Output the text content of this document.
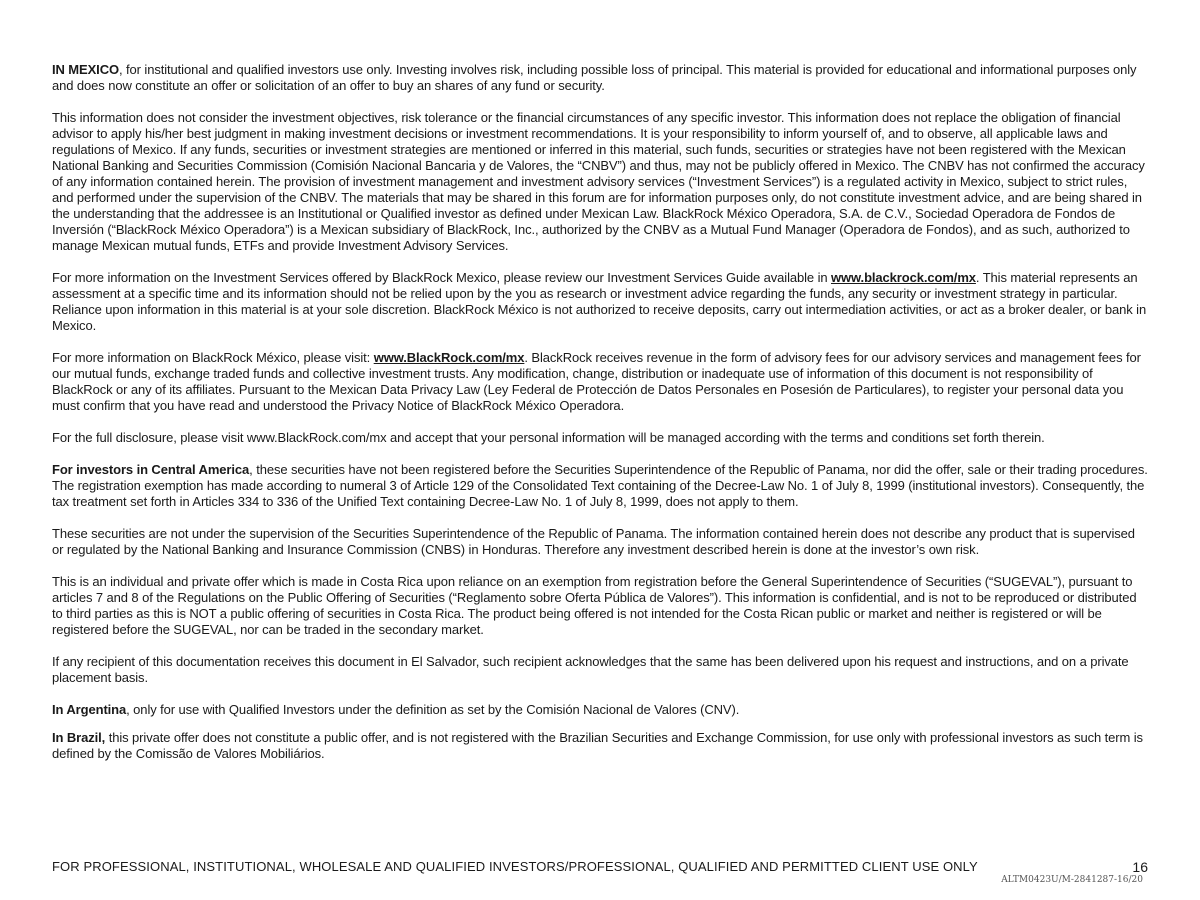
IN MEXICO, for institutional and qualified investors use only. Investing involves risk, including possible loss of principal. This material is provided for educational and informational purposes only and does now constitute an offer or solicitation of an offer to buy an shares of any fund or security.

This information does not consider the investment objectives, risk tolerance or the financial circumstances of any specific investor. This information does not replace the obligation of financial advisor to apply his/her best judgment in making investment decisions or investment recommendations. It is your responsibility to inform yourself of, and to observe, all applicable laws and regulations of Mexico. If any funds, securities or investment strategies are mentioned or inferred in this material, such funds, securities or strategies have not been registered with the Mexican National Banking and Securities Commission (Comisión Nacional Bancaria y de Valores, the “CNBV”) and thus, may not be publicly offered in Mexico. The CNBV has not confirmed the accuracy of any information contained herein. The provision of investment management and investment advisory services (“Investment Services”) is a regulated activity in Mexico, subject to strict rules, and performed under the supervision of the CNBV. The materials that may be shared in this forum are for information purposes only, do not constitute investment advice, and are being shared in the understanding that the addressee is an Institutional or Qualified investor as defined under Mexican Law. BlackRock México Operadora, S.A. de C.V., Sociedad Operadora de Fondos de Inversión (“BlackRock México Operadora”) is a Mexican subsidiary of BlackRock, Inc., authorized by the CNBV as a Mutual Fund Manager (Operadora de Fondos), and as such, authorized to manage Mexican mutual funds, ETFs and provide Investment Advisory Services.

For more information on the Investment Services offered by BlackRock Mexico, please review our Investment Services Guide available in www.blackrock.com/mx. This material represents an assessment at a specific time and its information should not be relied upon by the you as research or investment advice regarding the funds, any security or investment strategy in particular. Reliance upon information in this material is at your sole discretion. BlackRock México is not authorized to receive deposits, carry out intermediation activities, or act as a broker dealer, or bank in Mexico.

For more information on BlackRock México, please visit: www.BlackRock.com/mx. BlackRock receives revenue in the form of advisory fees for our advisory services and management fees for our mutual funds, exchange traded funds and collective investment trusts. Any modification, change, distribution or inadequate use of information of this document is not responsibility of BlackRock or any of its affiliates. Pursuant to the Mexican Data Privacy Law (Ley Federal de Protección de Datos Personales en Posesión de Particulares), to register your personal data you must confirm that you have read and understood the Privacy Notice of BlackRock México Operadora.

For the full disclosure, please visit www.BlackRock.com/mx and accept that your personal information will be managed according with the terms and conditions set forth therein.

For investors in Central America, these securities have not been registered before the Securities Superintendence of the Republic of Panama, nor did the offer, sale or their trading procedures. The registration exemption has made according to numeral 3 of Article 129 of the Consolidated Text containing of the Decree-Law No. 1 of July 8, 1999 (institutional investors). Consequently, the tax treatment set forth in Articles 334 to 336 of the Unified Text containing Decree-Law No. 1 of July 8, 1999, does not apply to them.

These securities are not under the supervision of the Securities Superintendence of the Republic of Panama. The information contained herein does not describe any product that is supervised or regulated by the National Banking and Insurance Commission (CNBS) in Honduras. Therefore any investment described herein is done at the investor’s own risk.

This is an individual and private offer which is made in Costa Rica upon reliance on an exemption from registration before the General Superintendence of Securities (“SUGEVAL”), pursuant to articles 7 and 8 of the Regulations on the Public Offering of Securities (“Reglamento sobre Oferta Pública de Valores”). This information is confidential, and is not to be reproduced or distributed to third parties as this is NOT a public offering of securities in Costa Rica. The product being offered is not intended for the Costa Rican public or market and neither is registered or will be registered before the SUGEVAL, nor can be traded in the secondary market.

If any recipient of this documentation receives this document in El Salvador, such recipient acknowledges that the same has been delivered upon his request and instructions, and on a private placement basis.

In Argentina, only for use with Qualified Investors under the definition as set by the Comisión Nacional de Valores (CNV).

In Brazil, this private offer does not constitute a public offer, and is not registered with the Brazilian Securities and Exchange Commission, for use only with professional investors as such term is defined by the Comissão de Valores Mobiliários.

FOR PROFESSIONAL, INSTITUTIONAL, WHOLESALE AND QUALIFIED INVESTORS/PROFESSIONAL, QUALIFIED AND PERMITTED CLIENT USE ONLY	16
ALTM0423U/M-2841287-16/20
